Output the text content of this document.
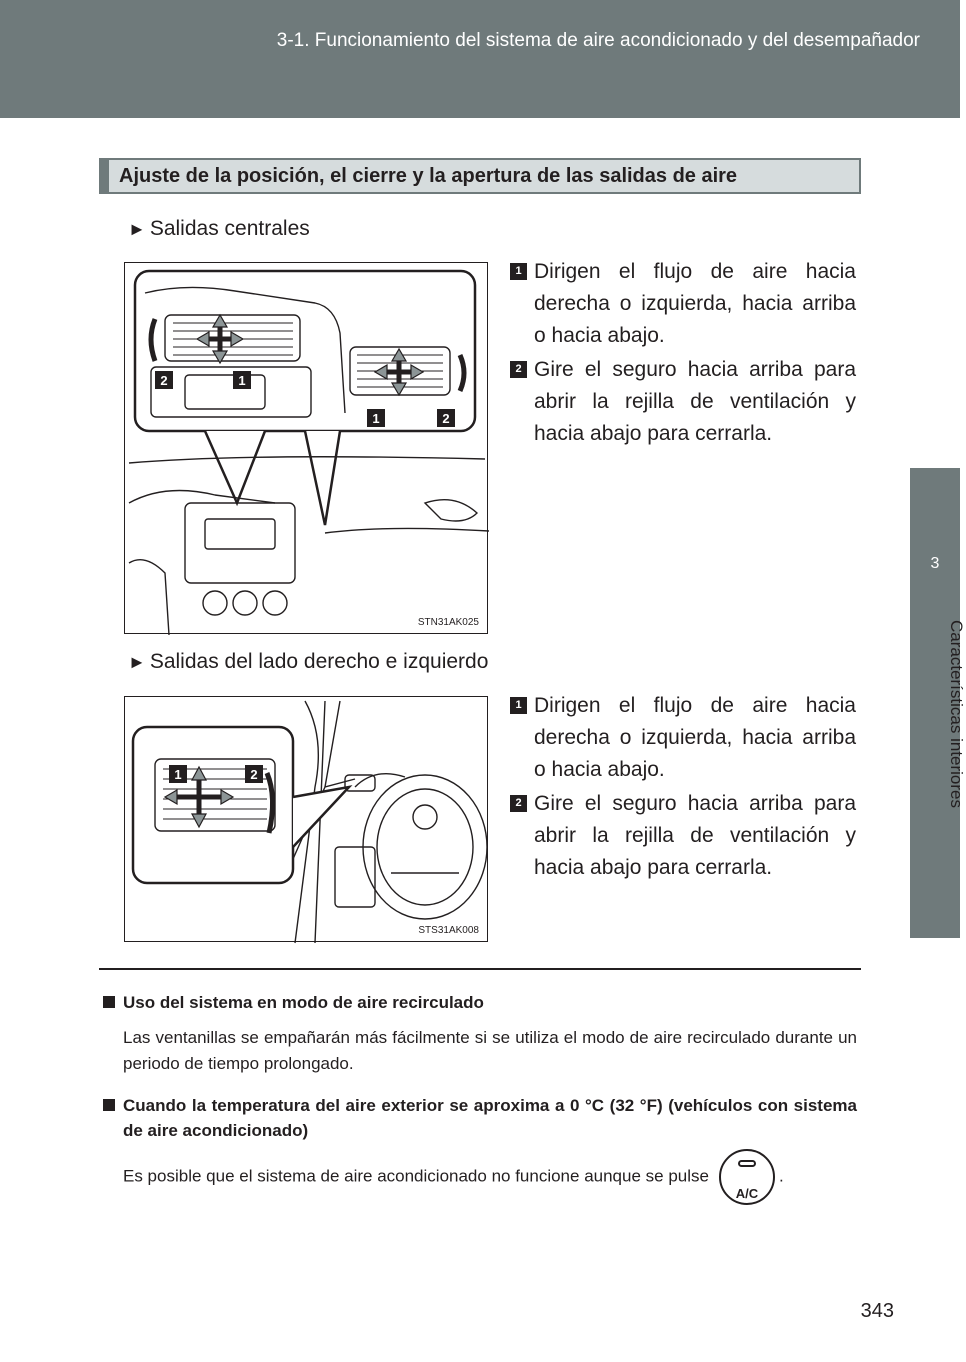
3-1. Funcionamiento del sistema de aire acondicionado y del desempañador
3
Características interiores
Ajuste de la posición, el cierre y la apertura de las salidas de aire
► Salidas centrales
2	1
1	2
STN31AK025
1 Dirigen el flujo de aire hacia derecha o izquierda, hacia arriba o hacia abajo.
2 Gire el seguro hacia arriba para abrir la rejilla de ventilación y hacia abajo para cerrarla.
► Salidas del lado derecho e izquierdo
1	2
STS31AK008
1 Dirigen el flujo de aire hacia derecha o izquierda, hacia arriba o hacia abajo.
2 Gire el seguro hacia arriba para abrir la rejilla de ventilación y hacia abajo para cerrarla.
Uso del sistema en modo de aire recirculado
Las ventanillas se empañarán más fácilmente si se utiliza el modo de aire recirculado durante un periodo de tiempo prolongado.
Cuando la temperatura del aire exterior se aproxima a 0 °C (32 °F) (vehículos con sistema de aire acondicionado)
Es posible que el sistema de aire acondicionado no funcione aunque se pulse
A/C
.
343
